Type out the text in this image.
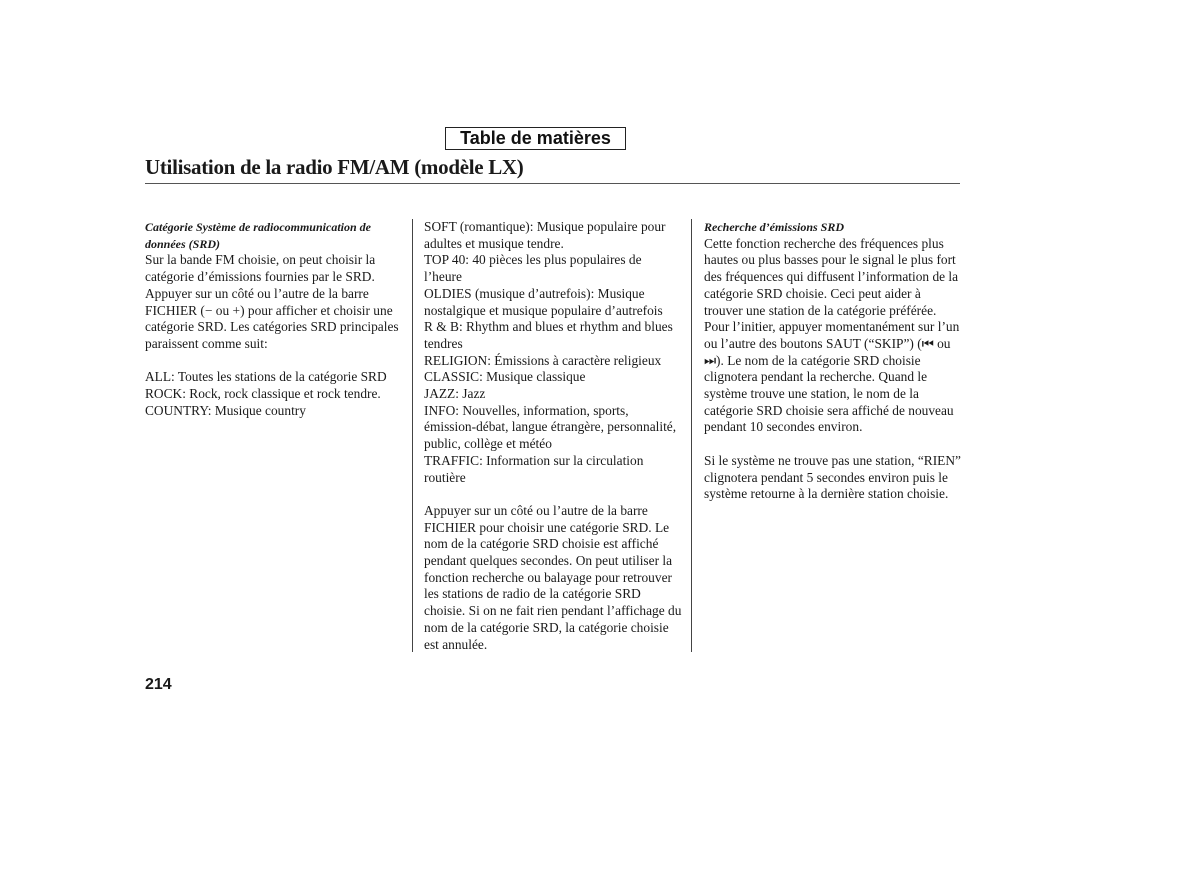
Table de matières
Utilisation de la radio FM/AM (modèle LX)

Catégorie Système de radiocommunication de données (SRD)

Sur la bande FM choisie, on peut choisir la catégorie d’émissions fournies par le SRD. Appuyer sur un côté ou l’autre de la barre FICHIER (− ou +) pour afficher et choisir une catégorie SRD. Les catégories SRD principales paraissent comme suit:

ALL: Toutes les stations de la catégorie SRD

ROCK: Rock, rock classique et rock tendre.

COUNTRY: Musique country

SOFT (romantique): Musique populaire pour adultes et musique tendre.

TOP 40: 40 pièces les plus populaires de l’heure

OLDIES (musique d’autrefois): Musique nostalgique et musique populaire d’autrefois

R & B: Rhythm and blues et rhythm and blues tendres

RELIGION: Émissions à caractère religieux

CLASSIC: Musique classique

JAZZ: Jazz

INFO: Nouvelles, information, sports, émission-débat, langue étrangère, personnalité, public, collège et météo

TRAFFIC: Information sur la circulation routière

Appuyer sur un côté ou l’autre de la barre FICHIER pour choisir une catégorie SRD. Le nom de la catégorie SRD choisie est affiché pendant quelques secondes. On peut utiliser la fonction recherche ou balayage pour retrouver les stations de radio de la catégorie SRD choisie. Si on ne fait rien pendant l’affichage du nom de la catégorie SRD, la catégorie choisie est annulée.

Recherche d’émissions SRD

Cette fonction recherche des fréquences plus hautes ou plus basses pour le signal le plus fort des fréquences qui diffusent l’information de la catégorie SRD choisie. Ceci peut aider à trouver une station de la catégorie préférée. Pour l’initier, appuyer momentanément sur l’un ou l’autre des boutons SAUT (“SKIP”) (⏮ ou ⏭). Le nom de la catégorie SRD choisie clignotera pendant la recherche. Quand le système trouve une station, le nom de la catégorie SRD choisie sera affiché de nouveau pendant 10 secondes environ.

Si le système ne trouve pas une station, “RIEN” clignotera pendant 5 secondes environ puis le système retourne à la dernière station choisie.

214
